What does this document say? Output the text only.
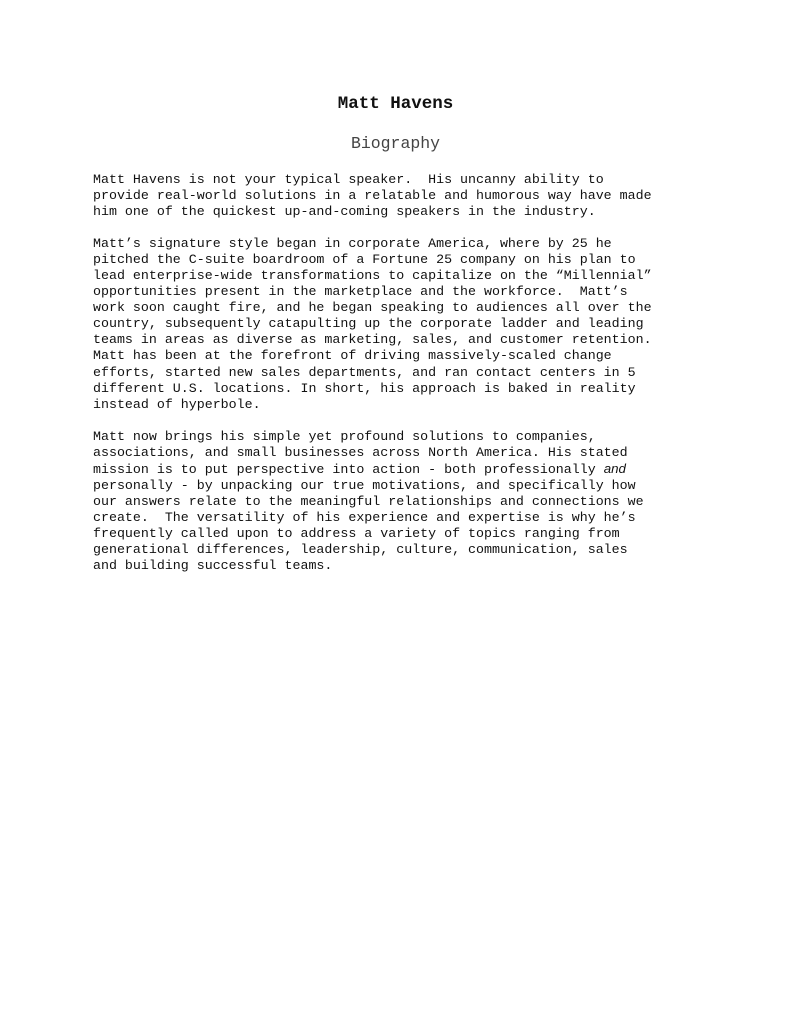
Matt Havens
Biography

Matt Havens is not your typical speaker.  His uncanny ability to
provide real-world solutions in a relatable and humorous way have made
him one of the quickest up-and-coming speakers in the industry.

Matt’s signature style began in corporate America, where by 25 he
pitched the C-suite boardroom of a Fortune 25 company on his plan to
lead enterprise-wide transformations to capitalize on the “Millennial”
opportunities present in the marketplace and the workforce.  Matt’s
work soon caught fire, and he began speaking to audiences all over the
country, subsequently catapulting up the corporate ladder and leading
teams in areas as diverse as marketing, sales, and customer retention.
Matt has been at the forefront of driving massively-scaled change
efforts, started new sales departments, and ran contact centers in 5
different U.S. locations. In short, his approach is baked in reality
instead of hyperbole.

Matt now brings his simple yet profound solutions to companies,
associations, and small businesses across North America. His stated
mission is to put perspective into action - both professionally and
personally - by unpacking our true motivations, and specifically how
our answers relate to the meaningful relationships and connections we
create.  The versatility of his experience and expertise is why he’s
frequently called upon to address a variety of topics ranging from
generational differences, leadership, culture, communication, sales
and building successful teams.
